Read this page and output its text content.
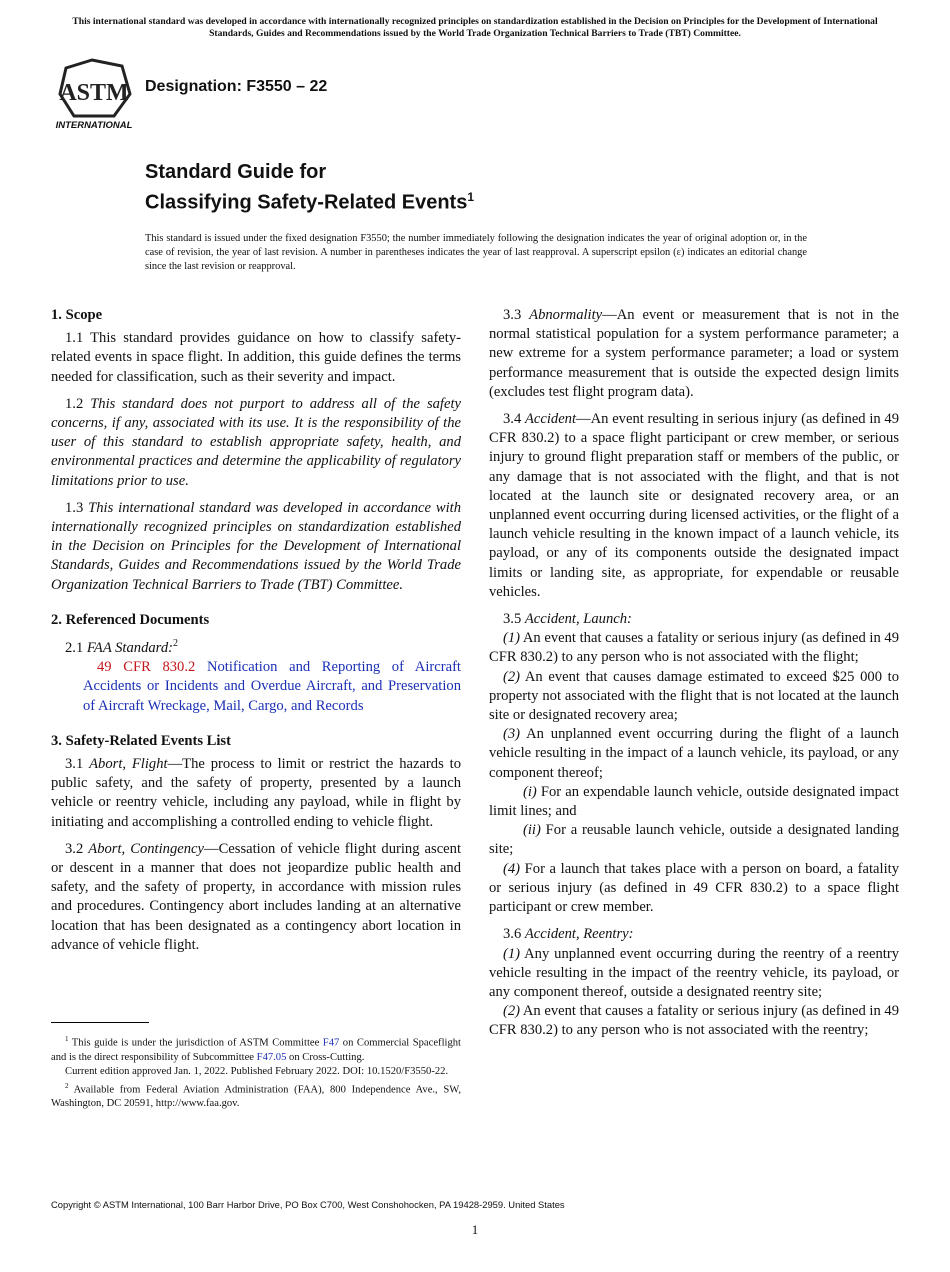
This international standard was developed in accordance with internationally recognized principles on standardization established in the Decision on Principles for the Development of International Standards, Guides and Recommendations issued by the World Trade Organization Technical Barriers to Trade (TBT) Committee.
ASTM
INTERNATIONAL
Designation: F3550 – 22
Standard Guide for
Classifying Safety-Related Events$^1$
This standard is issued under the fixed designation F3550; the number immediately following the designation indicates the year of original adoption or, in the case of revision, the year of last revision. A number in parentheses indicates the year of last reapproval. A superscript epsilon (ε) indicates an editorial change since the last revision or reapproval.
1. Scope

1.1 This standard provides guidance on how to classify safety-related events in space flight. In addition, this guide defines the terms needed for classification, such as their severity and impact.

1.2 This standard does not purport to address all of the safety concerns, if any, associated with its use. It is the responsibility of the user of this standard to establish appropriate safety, health, and environmental practices and determine the applicability of regulatory limitations prior to use.

1.3 This international standard was developed in accordance with internationally recognized principles on standardization established in the Decision on Principles for the Development of International Standards, Guides and Recommendations issued by the World Trade Organization Technical Barriers to Trade (TBT) Committee.

2. Referenced Documents

2.1 FAA Standard:$^2$

49 CFR 830.2 Notification and Reporting of Aircraft Accidents or Incidents and Overdue Aircraft, and Preservation of Aircraft Wreckage, Mail, Cargo, and Records

3. Safety-Related Events List

3.1 Abort, Flight—The process to limit or restrict the hazards to public safety, and the safety of property, presented by a launch vehicle or reentry vehicle, including any payload, while in flight by initiating and accomplishing a controlled ending to vehicle flight.

3.2 Abort, Contingency—Cessation of vehicle flight during ascent or descent in a manner that does not jeopardize public health and safety, and the safety of property, in accordance with mission rules and procedures. Contingency abort includes landing at an alternative location that has been designated as a contingency abort location in advance of vehicle flight.

3.3 Abnormality—An event or measurement that is not in the normal statistical population for a system performance parameter; a new extreme for a system performance parameter; a load or system performance measurement that is outside the expected design limits (excludes test flight program data).

3.4 Accident—An event resulting in serious injury (as defined in 49 CFR 830.2) to a space flight participant or crew member, or serious injury to ground flight preparation staff or members of the public, or any damage that is not associated with the flight, and that is not located at the launch site or designated recovery area, or an unplanned event occurring during licensed activities, or the flight of a launch vehicle resulting in the known impact of a launch vehicle, its payload, or any of its components outside the designated impact limits or landing site, as appropriate, for expendable or reusable vehicles.

3.5 Accident, Launch:

(1) An event that causes a fatality or serious injury (as defined in 49 CFR 830.2) to any person who is not associated with the flight;

(2) An event that causes damage estimated to exceed $25 000 to property not associated with the flight that is not located at the launch site or designated recovery area;

(3) An unplanned event occurring during the flight of a launch vehicle resulting in the impact of a launch vehicle, its payload, or any component thereof;

(i) For an expendable launch vehicle, outside designated impact limit lines; and

(ii) For a reusable launch vehicle, outside a designated landing site;

(4) For a launch that takes place with a person on board, a fatality or serious injury (as defined in 49 CFR 830.2) to a space flight participant or crew member.

3.6 Accident, Reentry:

(1) Any unplanned event occurring during the reentry of a reentry vehicle resulting in the impact of the reentry vehicle, its payload, or any component thereof, outside a designated reentry site;

(2) An event that causes a fatality or serious injury (as defined in 49 CFR 830.2) to any person who is not associated with the reentry;

$^1$ This guide is under the jurisdiction of ASTM Committee F47 on Commercial Spaceflight and is the direct responsibility of Subcommittee F47.05 on Cross-Cutting.

Current edition approved Jan. 1, 2022. Published February 2022. DOI: 10.1520/F3550-22.

$^2$ Available from Federal Aviation Administration (FAA), 800 Independence Ave., SW, Washington, DC 20591, http://www.faa.gov.

Copyright © ASTM International, 100 Barr Harbor Drive, PO Box C700, West Conshohocken, PA 19428-2959. United States
1
